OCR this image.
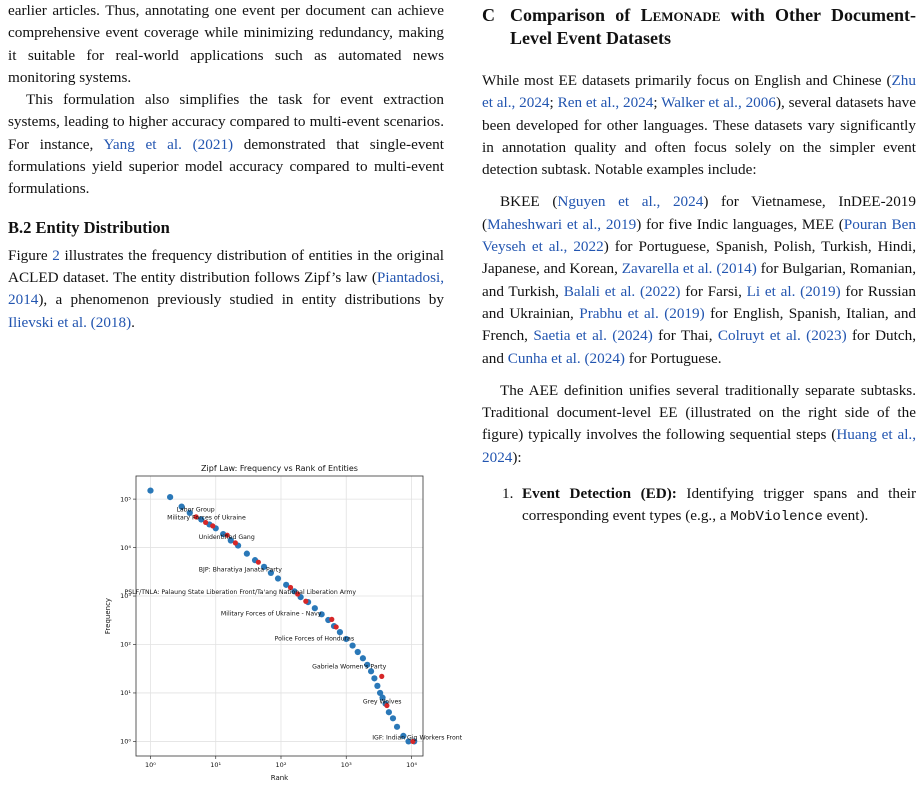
earlier articles. Thus, annotating one event per document can achieve comprehensive event coverage while minimizing redundancy, making it suitable for real-world applications such as automated news monitoring systems.

This formulation also simplifies the task for event extraction systems, leading to higher accuracy compared to multi-event scenarios. For instance, Yang et al. (2021) demonstrated that single-event formulations yield superior model accuracy compared to multi-event formulations.

B.2 Entity Distribution

Figure 2 illustrates the frequency distribution of entities in the original ACLED dataset. The entity distribution follows Zipf’s law (Piantadosi, 2014), a phenomenon previously studied in entity distributions by Ilievski et al. (2018).

Zipf Law: Frequency vs Rank of Entities
10⁰	10¹	10²	10³	10⁴
10⁰
10¹
10²
10³
10⁴
10⁵
Rank
Frequency
Labor Group
Military Forces of Ukraine
Unidentified Gang
BJP: Bharatiya Janata Party
PSLF/TNLA: Palaung State Liberation Front/Ta'ang National Liberation Army
Military Forces of Ukraine - Navy
Police Forces of Honduras
Gabriela Women's Party
Grey Wolves
IGF: Indian Gig Workers Front
C Comparison of Lemonade with Other Document-Level Event Datasets

While most EE datasets primarily focus on English and Chinese (Zhu et al., 2024; Ren et al., 2024; Walker et al., 2006), several datasets have been developed for other languages. These datasets vary significantly in annotation quality and often focus solely on the simpler event detection subtask. Notable examples include:

BKEE (Nguyen et al., 2024) for Vietnamese, InDEE-2019 (Maheshwari et al., 2019) for five Indic languages, MEE (Pouran Ben Veyseh et al., 2022) for Portuguese, Spanish, Polish, Turkish, Hindi, Japanese, and Korean, Zavarella et al. (2014) for Bulgarian, Romanian, and Turkish, Balali et al. (2022) for Farsi, Li et al. (2019) for Russian and Ukrainian, Prabhu et al. (2019) for English, Spanish, Italian, and French, Saetia et al. (2024) for Thai, Colruyt et al. (2023) for Dutch, and Cunha et al. (2024) for Portuguese.

The AEE definition unifies several traditionally separate subtasks. Traditional document-level EE (illustrated on the right side of the figure) typically involves the following sequential steps (Huang et al., 2024):

1. Event Detection (ED): Identifying trigger spans and their corresponding event types (e.g., a MobViolence event).
